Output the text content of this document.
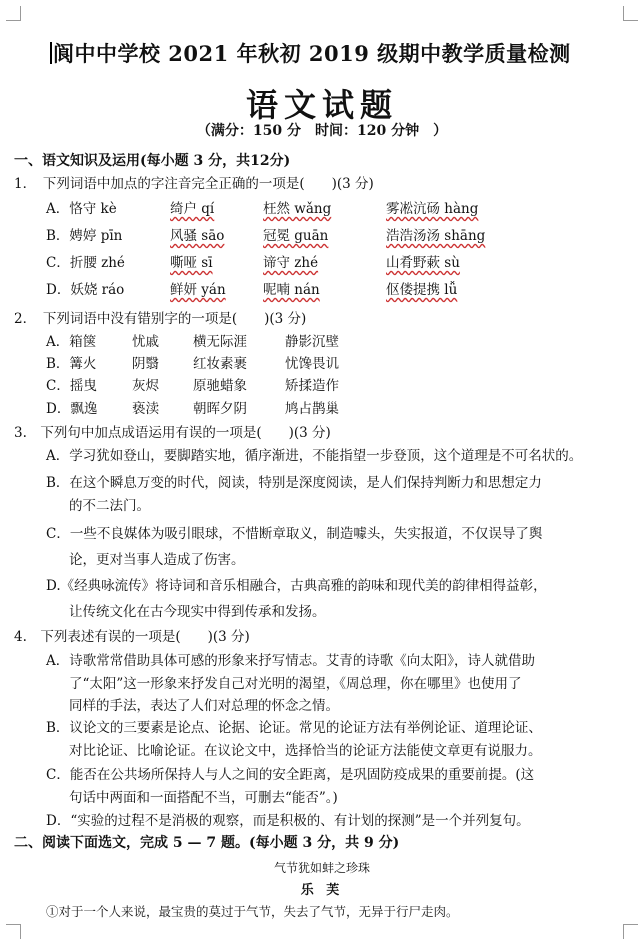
阆中中学校 2021 年秋初 2019 级期中教学质量检测
语文试题
（满分：150 分　时间：120 分钟　）
一、语文知识及运用(每小题 3 分，共12分)
1．　下列词语中加点的字注音完全正确的一项是(　　)(3 分)
A．恪守 kè	绮户 qí	枉然 wǎng	雾凇沆砀 hàng
B．娉婷 pīn	风骚 sāo	冠冕 guān	浩浩汤汤 shāng
C．折腰 zhé	嘶哑 sī	谛守 zhé	山肴野蔌 sù
D．妖娆 ráo	鲜妍 yán	呢喃 nán	伛偻提携 lǚ
2．　下列词语中没有错别字的一项是(　　)(3 分)
A．箱箧	忧戚	横无际涯	静影沉壁
B．篝火	阴翳	红妆素裹	忧馋畏讥
C．摇曳	灰烬	原驰蜡象	矫揉造作
D．飘逸	亵渎	朝晖夕阴	鸠占鹊巢
3.　下列句中加点成语运用有误的一项是(　　)(3 分)
A．学习犹如登山，要脚踏实地，循序渐进，不能指望一步登顶，这个道理是不可名状的。
B．在这个瞬息万变的时代，阅读，特别是深度阅读，是人们保持判断力和思想定力
的不二法门。
C．一些不良媒体为吸引眼球，不惜断章取义，制造噱头，失实报道，不仅误导了舆
论，更对当事人造成了伤害。
D.《经典咏流传》将诗词和音乐相融合，古典高雅的韵味和现代美的韵律相得益彰，
让传统文化在古今现实中得到传承和发扬。
4.　下列表述有误的一项是(　　)(3 分)
A．诗歌常常借助具体可感的形象来抒写情志。艾青的诗歌《向太阳》，诗人就借助
了“太阳”这一形象来抒发自己对光明的渴望，《周总理，你在哪里》也使用了
同样的手法，表达了人们对总理的怀念之情。
B．议论文的三要素是论点、论据、论证。常见的论证方法有举例论证、道理论证、
对比论证、比喻论证。在议论文中，选择恰当的论证方法能使文章更有说服力。
C．能否在公共场所保持人与人之间的安全距离，是巩固防疫成果的重要前提。(这
句话中两面和一面搭配不当，可删去“能否”。)
D．“实验的过程不是消极的观察，而是积极的、有计划的探测”是一个并列复句。
二、阅读下面选文，完成 5 — 7 题。(每小题 3 分，共 9 分)
气节犹如蚌之珍珠
乐 芙
①对于一个人来说，最宝贵的莫过于气节，失去了气节，无异于行尸走肉。
